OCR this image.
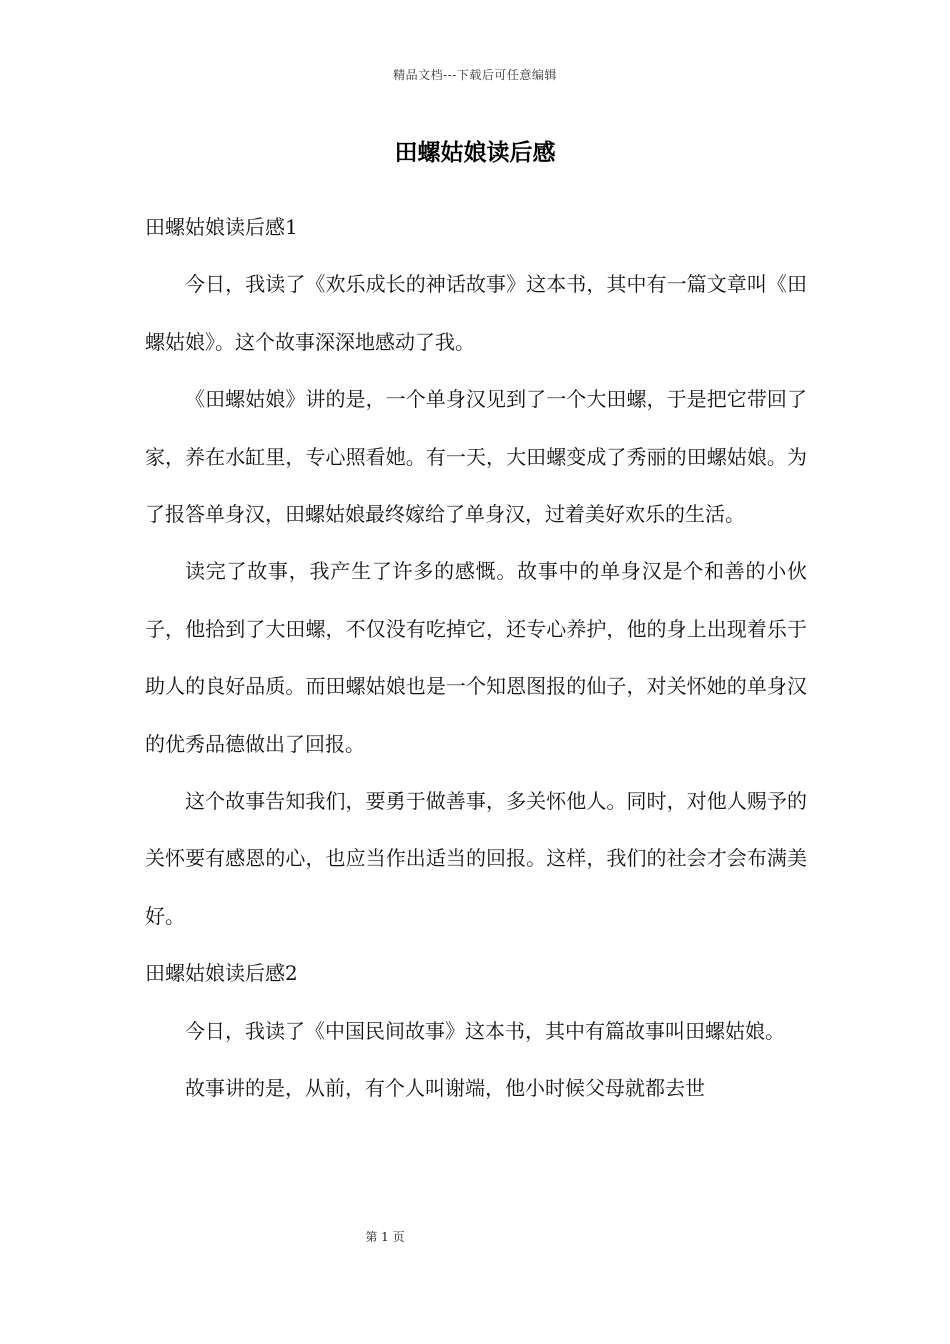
精品文档---下载后可任意编辑
田螺姑娘读后感

田螺姑娘读后感1

今日，我读了《欢乐成长的神话故事》这本书，其中有一篇文章叫《田螺姑娘》。这个故事深深地感动了我。

《田螺姑娘》讲的是，一个单身汉见到了一个大田螺，于是把它带回了家，养在水缸里，专心照看她。有一天，大田螺变成了秀丽的田螺姑娘。为了报答单身汉，田螺姑娘最终嫁给了单身汉，过着美好欢乐的生活。

读完了故事，我产生了许多的感慨。故事中的单身汉是个和善的小伙子，他拾到了大田螺，不仅没有吃掉它，还专心养护，他的身上出现着乐于助人的良好品质。而田螺姑娘也是一个知恩图报的仙子，对关怀她的单身汉的优秀品德做出了回报。

这个故事告知我们，要勇于做善事，多关怀他人。同时，对他人赐予的关怀要有感恩的心，也应当作出适当的回报。这样，我们的社会才会布满美好。

田螺姑娘读后感2

今日，我读了《中国民间故事》这本书，其中有篇故事叫田螺姑娘。

故事讲的是，从前，有个人叫谢端，他小时候父母就都去世

第 1 页
